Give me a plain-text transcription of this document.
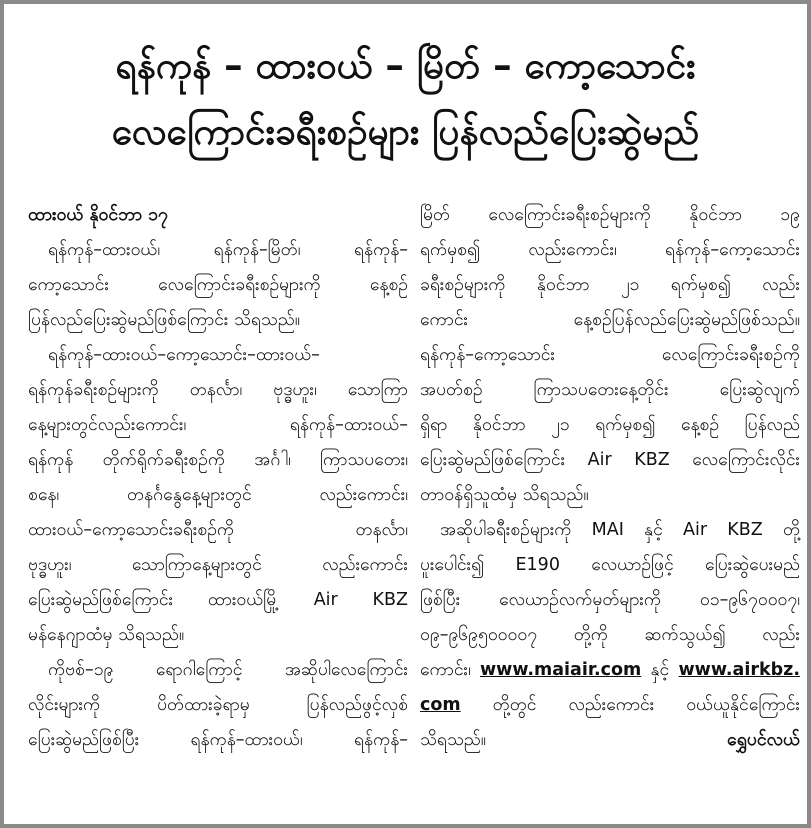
ရန်ကုန် – ထားဝယ် – မြိတ် – ကော့သောင်း
လေကြောင်းခရီးစဉ်များ ပြန်လည်ပြေးဆွဲမည်

ထားဝယ် နိုဝင်ဘာ ၁၇

ရန်ကုန်–ထားဝယ်၊ ရန်ကုန်–မြိတ်၊ ရန်ကုန်–

ကော့သောင်း လေကြောင်းခရီးစဉ်များကို နေ့စဉ်

ပြန်လည်ပြေးဆွဲမည်ဖြစ်ကြောင်း သိရသည်။

ရန်ကုန်–ထားဝယ်–ကော့သောင်း–ထားဝယ်–

ရန်ကုန်ခရီးစဉ်များကို တနင်္လာ၊ ဗုဒ္ဓဟူး၊ သောကြာ

နေ့များတွင်လည်းကောင်း၊ ရန်ကုန်–ထားဝယ်–

ရန်ကုန် တိုက်ရိုက်ခရီးစဉ်ကို အင်္ဂါ၊ ကြာသပတေး၊

စနေ၊ တနင်္ဂနွေနေ့များတွင် လည်းကောင်း၊

ထားဝယ်–ကော့သောင်းခရီးစဉ်ကို တနင်္လာ၊

ဗုဒ္ဓဟူး၊ သောကြာနေ့များတွင် လည်းကောင်း

ပြေးဆွဲမည်ဖြစ်ကြောင်း ထားဝယ်မြို့ Air KBZ

မန်နေဂျာထံမှ သိရသည်။

ကိုဗစ်–၁၉ ရောဂါကြောင့် အဆိုပါလေကြောင်း

လိုင်းများကို ပိတ်ထားခဲ့ရာမှ ပြန်လည်ဖွင့်လှစ်

ပြေးဆွဲမည်ဖြစ်ပြီး ရန်ကုန်–ထားဝယ်၊ ရန်ကုန်–

မြိတ် လေကြောင်းခရီးစဉ်များကို နိုဝင်ဘာ ၁၉

ရက်မှစ၍ လည်းကောင်း၊ ရန်ကုန်–ကော့သောင်း

ခရီးစဉ်များကို နိုဝင်ဘာ ၂၁ ရက်မှစ၍ လည်း

ကောင်း နေ့စဉ်ပြန်လည်ပြေးဆွဲမည်ဖြစ်သည်။

ရန်ကုန်–ကော့သောင်း လေကြောင်းခရီးစဉ်ကို

အပတ်စဉ် ကြာသပတေးနေ့တိုင်း ပြေးဆွဲလျက်

ရှိရာ နိုဝင်ဘာ ၂၁ ရက်မှစ၍ နေ့စဉ် ပြန်လည်

ပြေးဆွဲမည်ဖြစ်ကြောင်း Air KBZ လေကြောင်းလိုင်း

တာဝန်ရှိသူထံမှ သိရသည်။

အဆိုပါခရီးစဉ်များကို MAI နှင့် Air KBZ တို့

ပူးပေါင်း၍ E190 လေယာဉ်ဖြင့် ပြေးဆွဲပေးမည်

ဖြစ်ပြီး လေယာဉ်လက်မှတ်များကို ၀၁–၉၆၇၀၀၀၇၊

၀၉–၉၆၉၅၀၀၀၀၇ တို့ကို ဆက်သွယ်၍ လည်း

ကောင်း၊ www.maiair.com နှင့် www.airkbz.

com တို့တွင် လည်းကောင်း ဝယ်ယူနိုင်ကြောင်း

သိရသည်။	ရွှေပင်လယ်
